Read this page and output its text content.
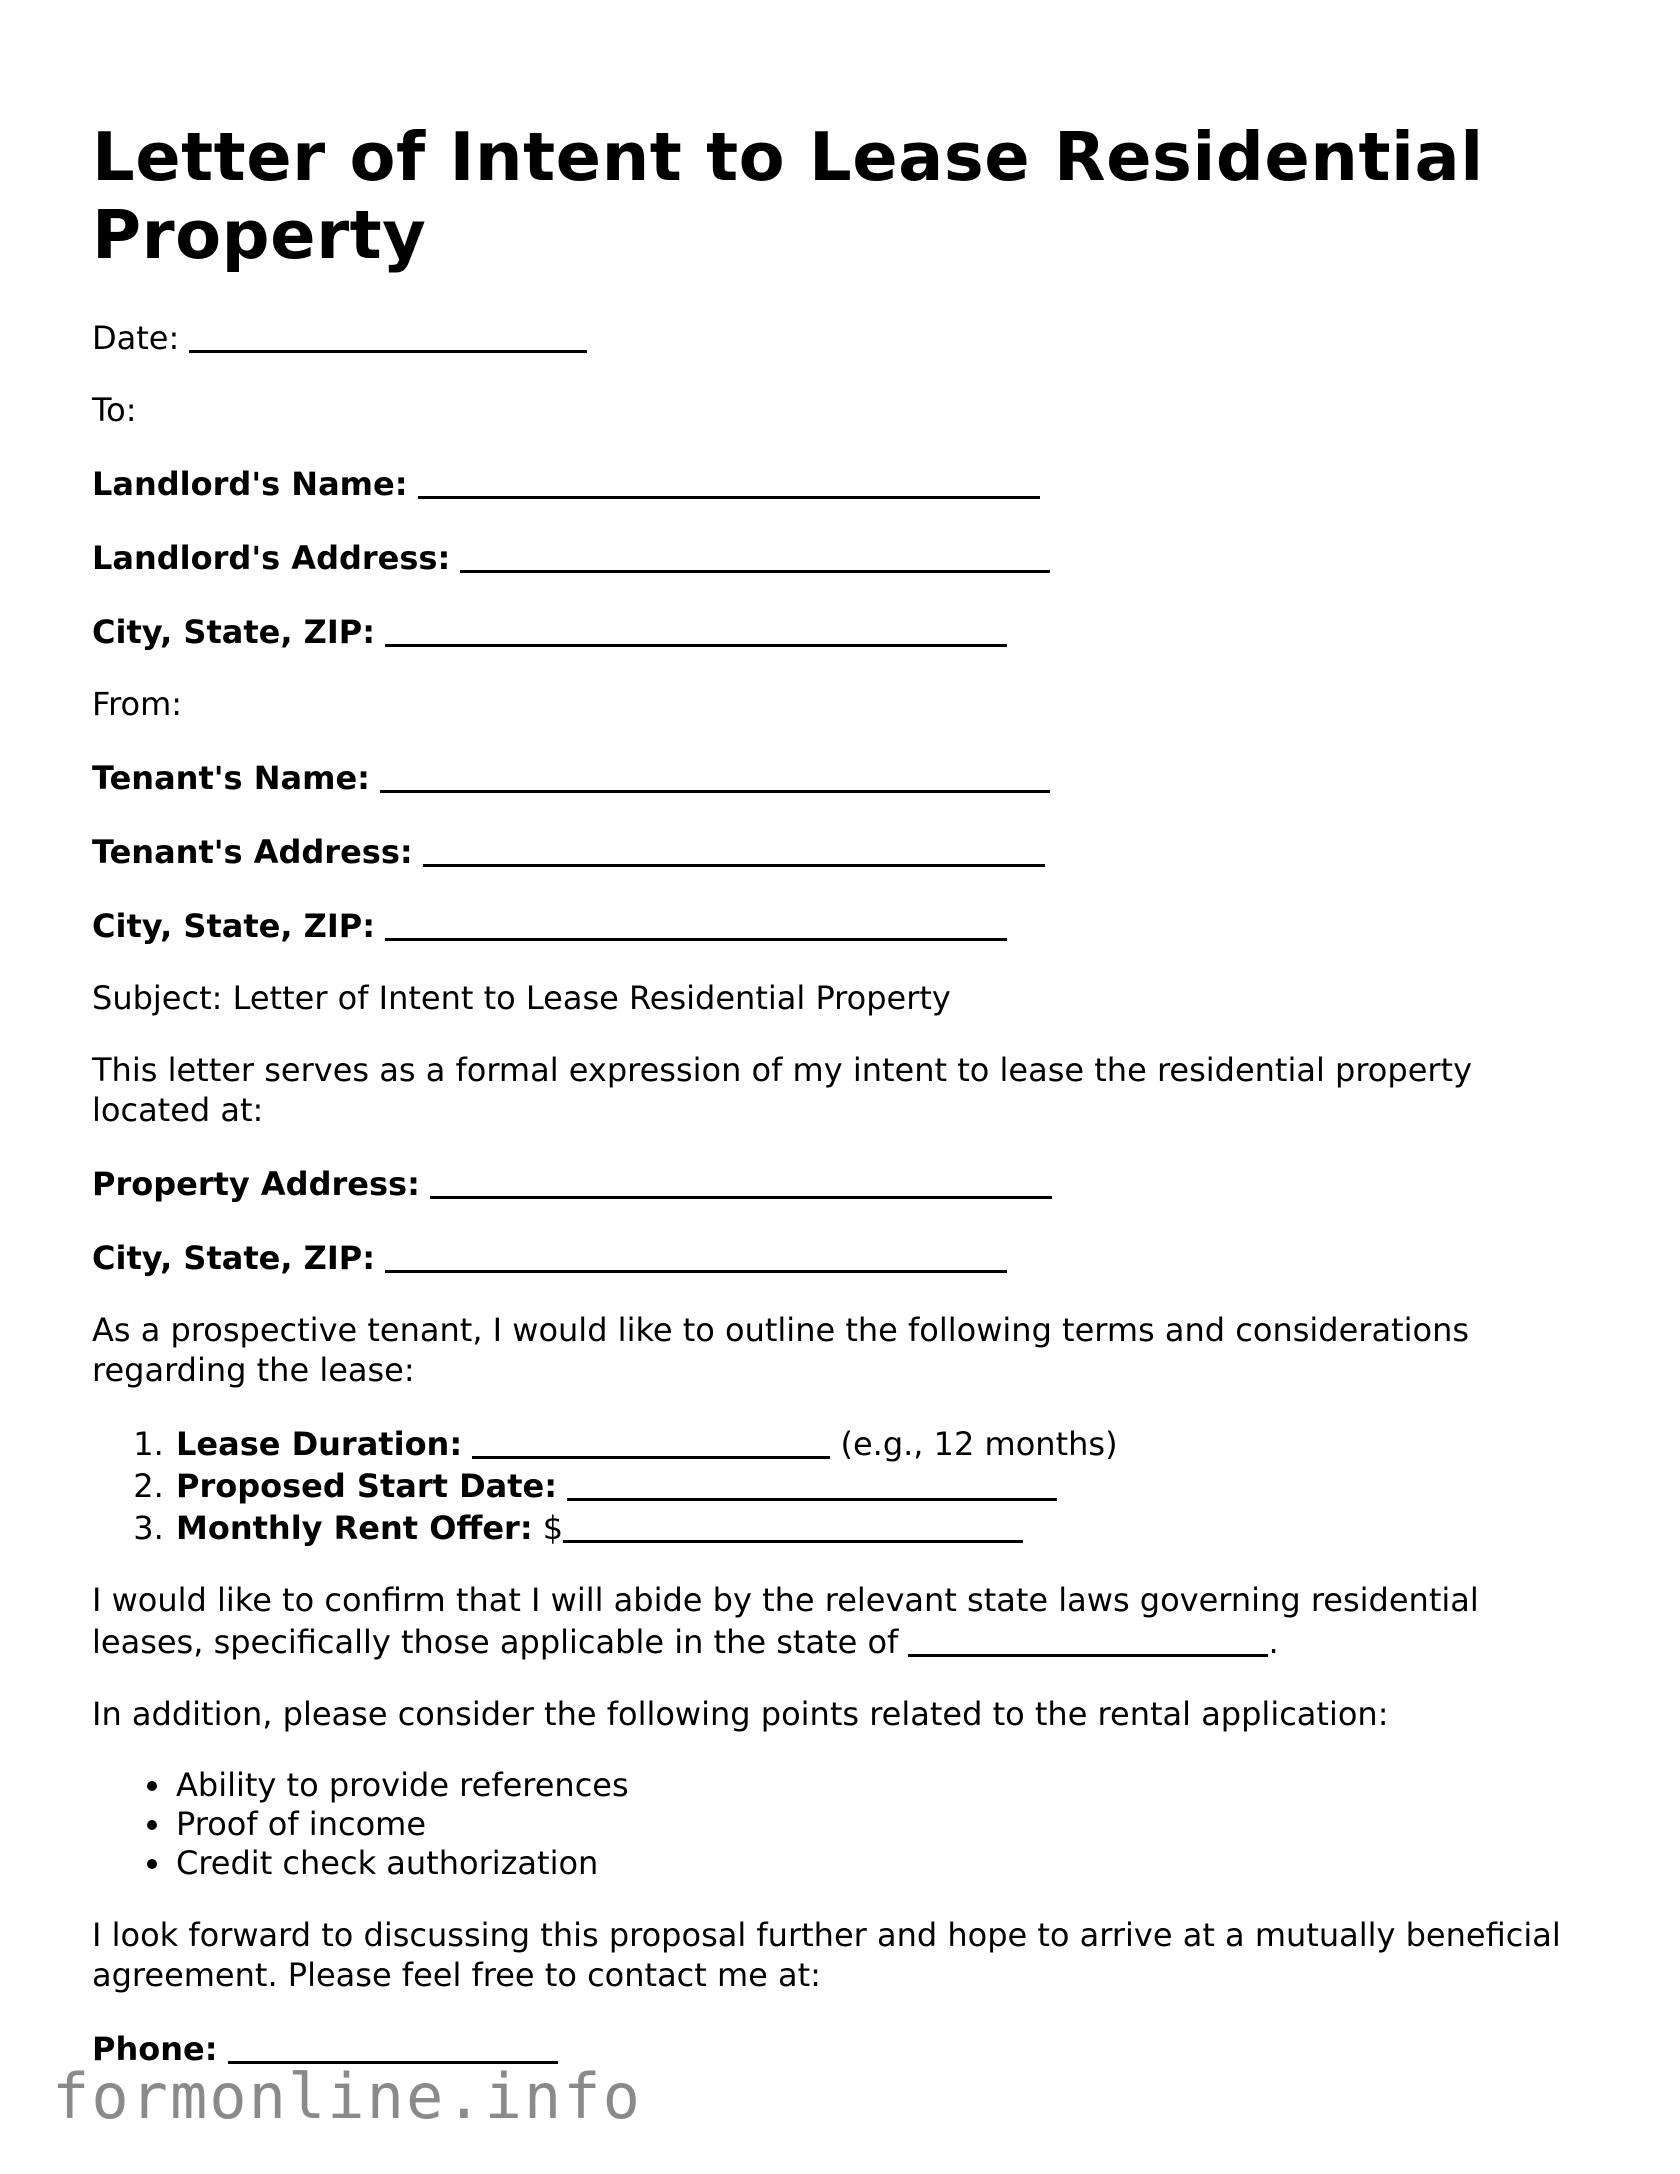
Letter of Intent to Lease Residential Property

Date:

To:

Landlord's Name:

Landlord's Address:

City, State, ZIP:

From:

Tenant's Name:

Tenant's Address:

City, State, ZIP:

Subject: Letter of Intent to Lease Residential Property

This letter serves as a formal expression of my intent to lease the residential property located at:

Property Address:

City, State, ZIP:

As a prospective tenant, I would like to outline the following terms and considerations regarding the lease:

1. Lease Duration:	(e.g., 12 months)
2. Proposed Start Date:
3. Monthly Rent Offer: $

I would like to confirm that I will abide by the relevant state laws governing residential leases, specifically those applicable in the state of	.

In addition, please consider the following points related to the rental application:

• Ability to provide references
• Proof of income
• Credit check authorization

I look forward to discussing this proposal further and hope to arrive at a mutually beneficial agreement. Please feel free to contact me at:

Phone:

formonline.info
